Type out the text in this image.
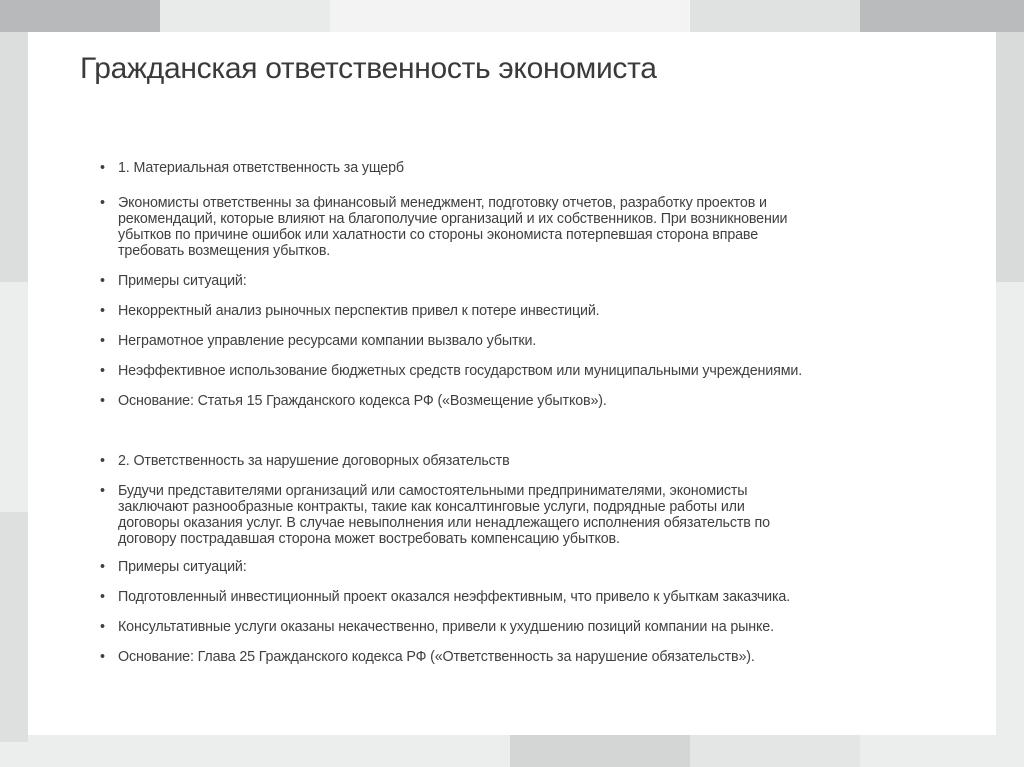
Гражданская ответственность экономиста
• 1. Материальная ответственность за ущерб
• Экономисты ответственны за финансовый менеджмент, подготовку отчетов, разработку проектов и
рекомендаций, которые влияют на благополучие организаций и их собственников. При возникновении
убытков по причине ошибок или халатности со стороны экономиста потерпевшая сторона вправе
требовать возмещения убытков.
• Примеры ситуаций:
• Некорректный анализ рыночных перспектив привел к потере инвестиций.
• Неграмотное управление ресурсами компании вызвало убытки.
• Неэффективное использование бюджетных средств государством или муниципальными учреждениями.
• Основание: Статья 15 Гражданского кодекса РФ («Возмещение убытков»).
• 2. Ответственность за нарушение договорных обязательств
• Будучи представителями организаций или самостоятельными предпринимателями, экономисты
заключают разнообразные контракты, такие как консалтинговые услуги, подрядные работы или
договоры оказания услуг. В случае невыполнения или ненадлежащего исполнения обязательств по
договору пострадавшая сторона может востребовать компенсацию убытков.
• Примеры ситуаций:
• Подготовленный инвестиционный проект оказался неэффективным, что привело к убыткам заказчика.
• Консультативные услуги оказаны некачественно, привели к ухудшению позиций компании на рынке.
• Основание: Глава 25 Гражданского кодекса РФ («Ответственность за нарушение обязательств»).
